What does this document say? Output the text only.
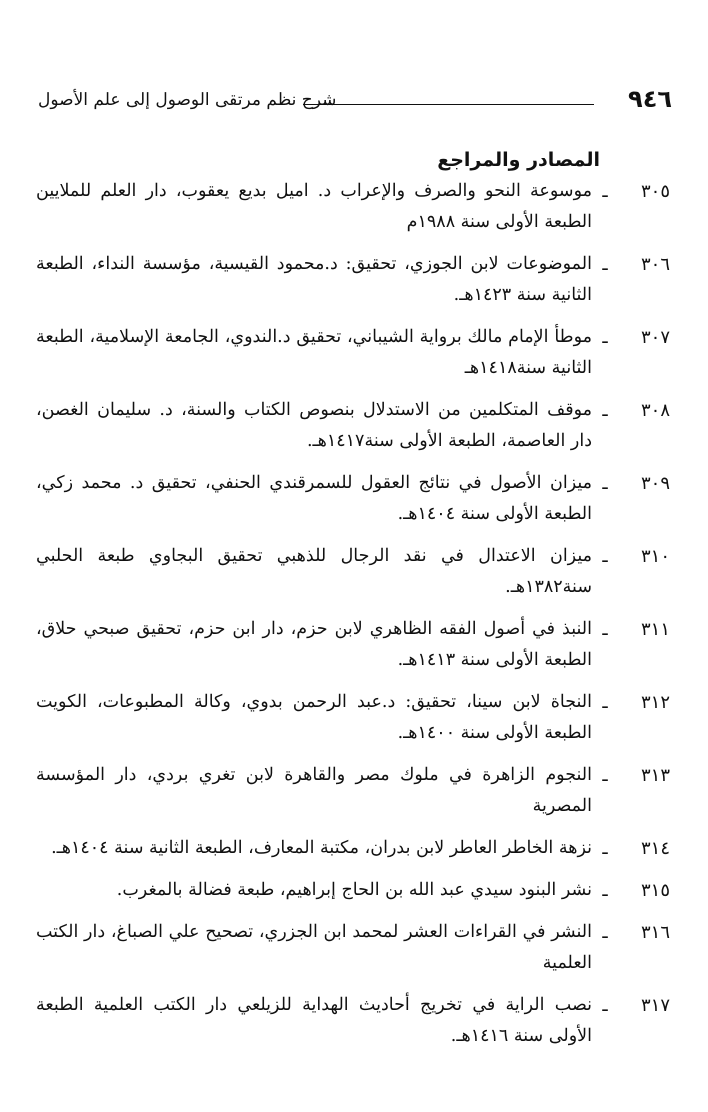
٩٤٦
شرح نظم مرتقى الوصول إلى علم الأصول
المصادر والمراجع
٣٠٥
ـ
موسوعة النحو والصرف والإعراب د. اميل بديع يعقوب، دار العلم للملايين الطبعة الأولى سنة ١٩٨٨م
٣٠٦
ـ
الموضوعات لابن الجوزي، تحقيق: د.محمود القيسية، مؤسسة النداء، الطبعة الثانية سنة ١٤٢٣هـ.
٣٠٧
ـ
موطأ الإمام مالك برواية الشيباني، تحقيق د.الندوي، الجامعة الإسلامية، الطبعة الثانية سنة١٤١٨هـ
٣٠٨
ـ
موقف المتكلمين من الاستدلال بنصوص الكتاب والسنة، د. سليمان الغصن، دار العاصمة، الطبعة الأولى سنة١٤١٧هـ.
٣٠٩
ـ
ميزان الأصول في نتائج العقول للسمرقندي الحنفي، تحقيق د. محمد زكي، الطبعة الأولى سنة ١٤٠٤هـ.
٣١٠
ـ
ميزان الاعتدال في نقد الرجال للذهبي تحقيق البجاوي طبعة الحلبي سنة١٣٨٢هـ.
٣١١
ـ
النبذ في أصول الفقه الظاهري لابن حزم، دار ابن حزم، تحقيق صبحي حلاق، الطبعة الأولى سنة ١٤١٣هـ.
٣١٢
ـ
النجاة لابن سينا، تحقيق: د.عبد الرحمن بدوي، وكالة المطبوعات، الكويت الطبعة الأولى سنة ١٤٠٠هـ.
٣١٣
ـ
النجوم الزاهرة في ملوك مصر والقاهرة لابن تغري بردي، دار المؤسسة المصرية
٣١٤
ـ
نزهة الخاطر العاطر لابن بدران، مكتبة المعارف، الطبعة الثانية سنة ١٤٠٤هـ.
٣١٥
ـ
نشر البنود سيدي عبد الله بن الحاج إبراهيم، طبعة فضالة بالمغرب.
٣١٦
ـ
النشر في القراءات العشر لمحمد ابن الجزري، تصحيح علي الصباغ، دار الكتب العلمية
٣١٧
ـ
نصب الراية في تخريج أحاديث الهداية للزيلعي دار الكتب العلمية الطبعة الأولى سنة ١٤١٦هـ.
